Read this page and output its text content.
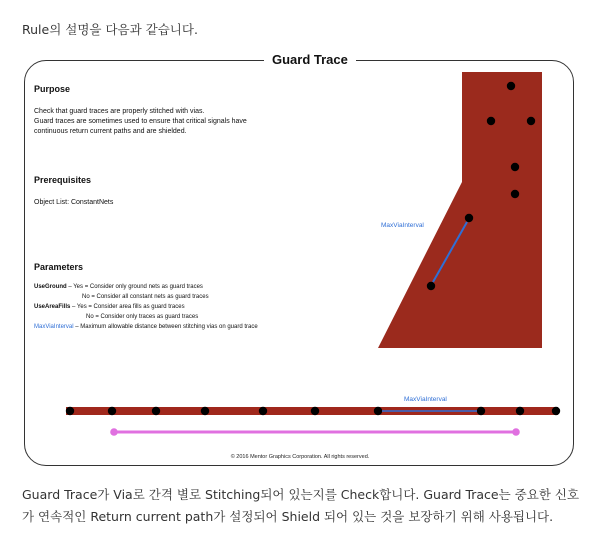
Rule의 설명을 다음과 같습니다.
Guard Trace
Purpose
Check that guard traces are properly stitched with vias.
Guard traces are sometimes used to ensure that critical signals have
continuous return current paths and are shielded.
Prerequisites
Object List: ConstantNets
Parameters
UseGround – Yes = Consider only ground nets as guard traces
No = Consider all constant nets as guard traces
UseAreaFills – Yes = Consider area fills as guard traces
No = Consider only traces as guard traces
MaxViaInterval – Maximum allowable distance between stitching vias on guard trace
MaxViaInterval
MaxViaInterval
© 2016 Mentor Graphics Corporation. All rights reserved.
Guard Trace가 Via로 간격 별로 Stitching되어 있는지를 Check합니다. Guard Trace는 중요한 신호
가 연속적인 Return current path가 설정되어 Shield 되어 있는 것을 보장하기 위해 사용됩니다.
